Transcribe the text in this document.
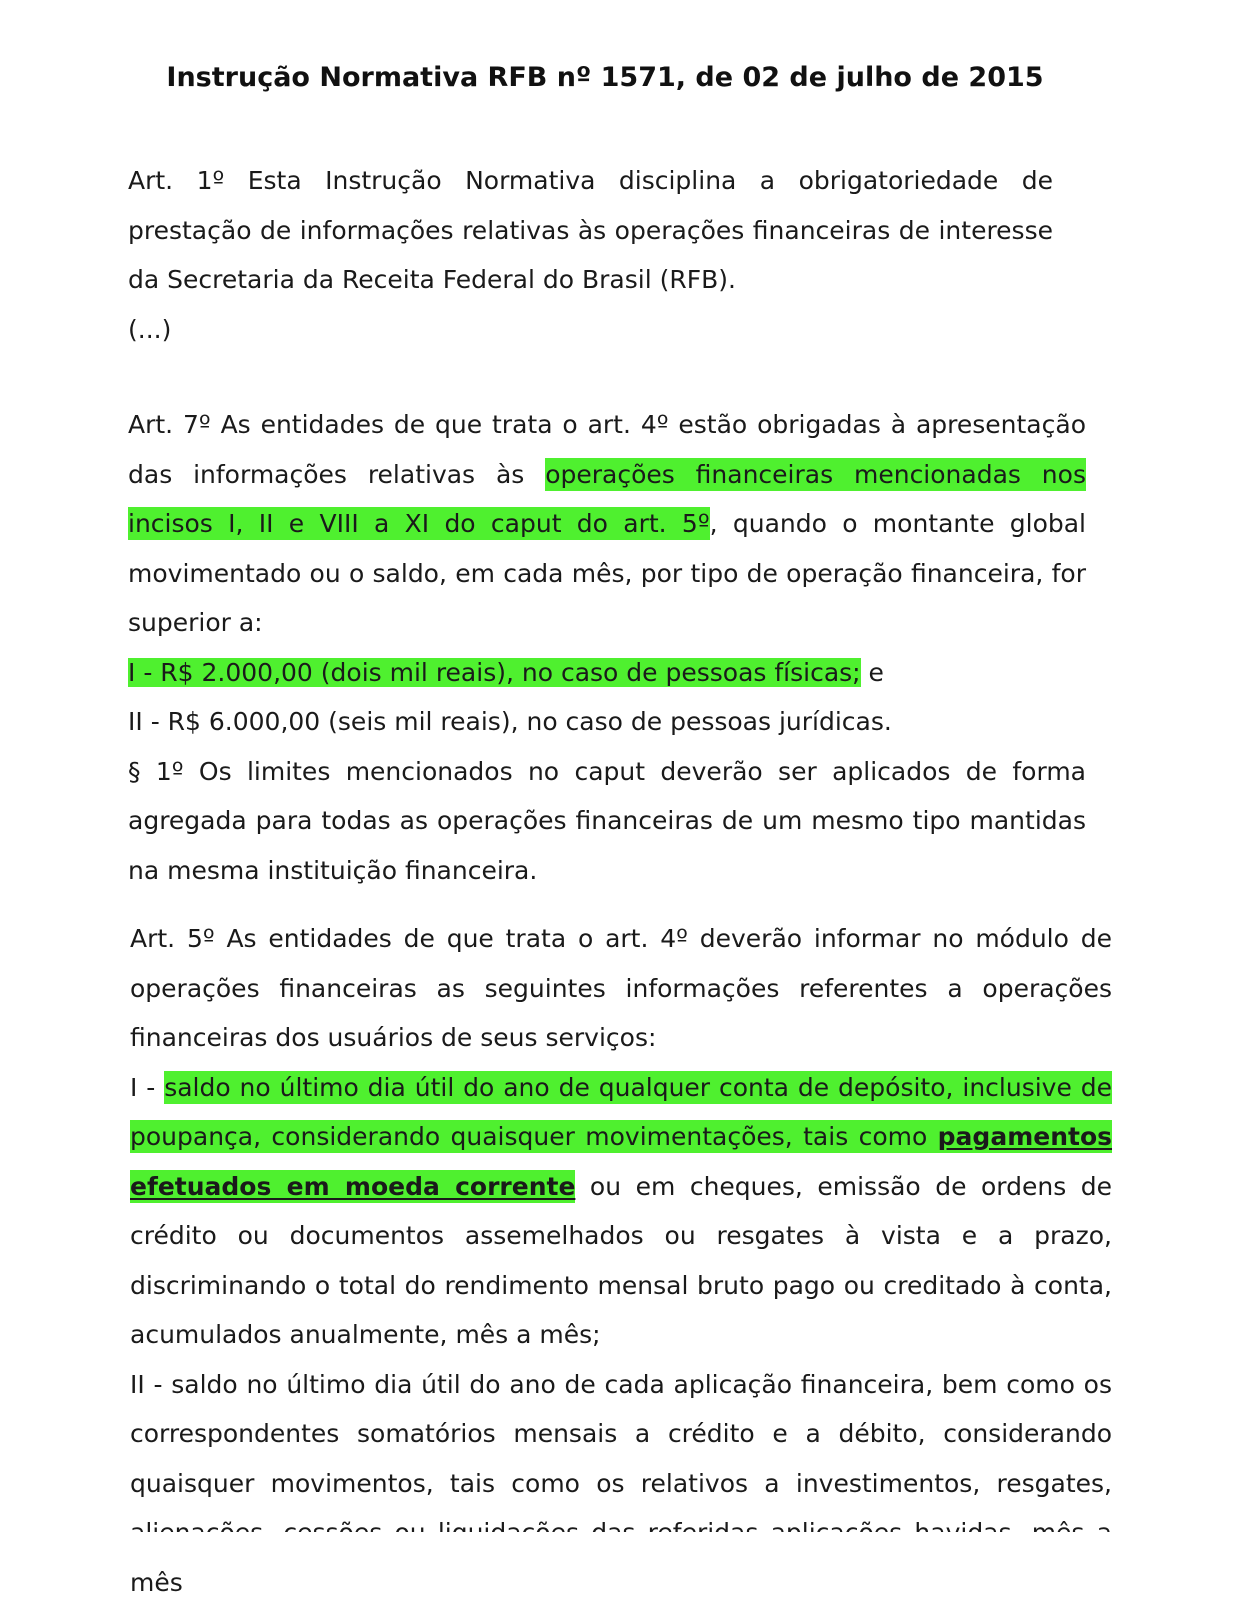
Instrução Normativa RFB nº 1571, de 02 de julho de 2015

Art. 1º Esta Instrução Normativa disciplina a obrigatoriedade de prestação de informações relativas às operações financeiras de interesse da Secretaria da Receita Federal do Brasil (RFB).

(...)

Art. 7º As entidades de que trata o art. 4º estão obrigadas à apresentação das informações relativas às operações financeiras mencionadas nos incisos I, II e VIII a XI do caput do art. 5º, quando o montante global movimentado ou o saldo, em cada mês, por tipo de operação financeira, for superior a:

I - R$ 2.000,00 (dois mil reais), no caso de pessoas físicas; e

II - R$ 6.000,00 (seis mil reais), no caso de pessoas jurídicas.

§ 1º Os limites mencionados no caput deverão ser aplicados de forma agregada para todas as operações financeiras de um mesmo tipo mantidas na mesma instituição financeira.

Art. 5º As entidades de que trata o art. 4º deverão informar no módulo de operações financeiras as seguintes informações referentes a operações financeiras dos usuários de seus serviços:

I - saldo no último dia útil do ano de qualquer conta de depósito, inclusive de poupança, considerando quaisquer movimentações, tais como pagamentos efetuados em moeda corrente ou em cheques, emissão de ordens de crédito ou documentos assemelhados ou resgates à vista e a prazo, discriminando o total do rendimento mensal bruto pago ou creditado à conta, acumulados anualmente, mês a mês;

II - saldo no último dia útil do ano de cada aplicação financeira, bem como os correspondentes somatórios mensais a crédito e a débito, considerando quaisquer movimentos, tais como os relativos a investimentos, resgates, mês
